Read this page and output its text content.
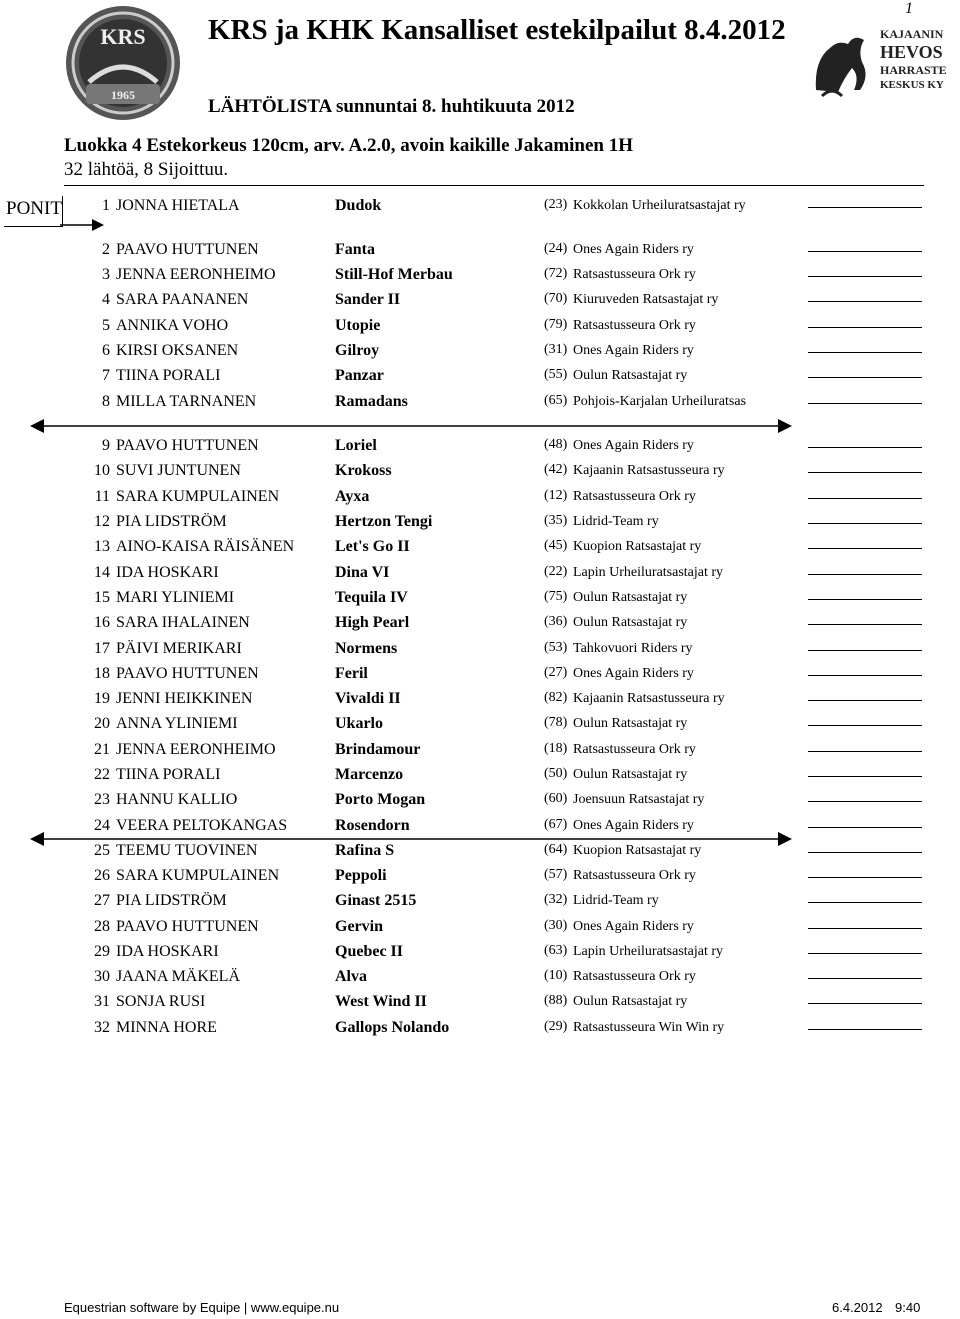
KRS
1965
KAJAANIN
HEVOS
HARRASTE
KESKUS KY
1
KRS ja KHK Kansalliset estekilpailut 8.4.2012
LÄHTÖLISTA sunnuntai 8. huhtikuuta 2012
Luokka 4 Estekorkeus 120cm, arv. A.2.0, avoin kaikille Jakaminen 1H
32 lähtöä, 8 Sijoittuu.
PONIT	1 JONNA HIETALA	Dudok	(23) Kokkolan Urheiluratsastajat ry
2 PAAVO HUTTUNEN	Fanta	(24) Ones Again Riders ry
3 JENNA EERONHEIMO	Still-Hof Merbau	(72) Ratsastusseura Ork ry
4 SARA PAANANEN	Sander II	(70) Kiuruveden Ratsastajat ry
5 ANNIKA VOHO	Utopie	(79) Ratsastusseura Ork ry
6 KIRSI OKSANEN	Gilroy	(31) Ones Again Riders ry
7 TIINA PORALI	Panzar	(55) Oulun Ratsastajat ry
8 MILLA TARNANEN	Ramadans	(65) Pohjois-Karjalan Urheiluratsas
9 PAAVO HUTTUNEN	Loriel	(48) Ones Again Riders ry
10 SUVI JUNTUNEN	Krokoss	(42) Kajaanin Ratsastusseura ry
11 SARA KUMPULAINEN	Ayxa	(12) Ratsastusseura Ork ry
12 PIA LIDSTRÖM	Hertzon Tengi	(35) Lidrid-Team ry
13 AINO-KAISA RÄISÄNEN	Let's Go II	(45) Kuopion Ratsastajat ry
14 IDA HOSKARI	Dina VI	(22) Lapin Urheiluratsastajat ry
15 MARI YLINIEMI	Tequila IV	(75) Oulun Ratsastajat ry
16 SARA IHALAINEN	High Pearl	(36) Oulun Ratsastajat ry
17 PÄIVI MERIKARI	Normens	(53) Tahkovuori Riders ry
18 PAAVO HUTTUNEN	Feril	(27) Ones Again Riders ry
19 JENNI HEIKKINEN	Vivaldi II	(82) Kajaanin Ratsastusseura ry
20 ANNA YLINIEMI	Ukarlo	(78) Oulun Ratsastajat ry
21 JENNA EERONHEIMO	Brindamour	(18) Ratsastusseura Ork ry
22 TIINA PORALI	Marcenzo	(50) Oulun Ratsastajat ry
23 HANNU KALLIO	Porto Mogan	(60) Joensuun Ratsastajat ry
24 VEERA PELTOKANGAS	Rosendorn	(67) Ones Again Riders ry
25 TEEMU TUOVINEN	Rafina S	(64) Kuopion Ratsastajat ry
26 SARA KUMPULAINEN	Peppoli	(57) Ratsastusseura Ork ry
27 PIA LIDSTRÖM	Ginast 2515	(32) Lidrid-Team ry
28 PAAVO HUTTUNEN	Gervin	(30) Ones Again Riders ry
29 IDA HOSKARI	Quebec II	(63) Lapin Urheiluratsastajat ry
30 JAANA MÄKELÄ	Alva	(10) Ratsastusseura Ork ry
31 SONJA RUSI	West Wind II	(88) Oulun Ratsastajat ry
32 MINNA HORE	Gallops Nolando	(29) Ratsastusseura Win Win ry
Equestrian software by Equipe | www.equipe.nu	6.4.2012 9:40
